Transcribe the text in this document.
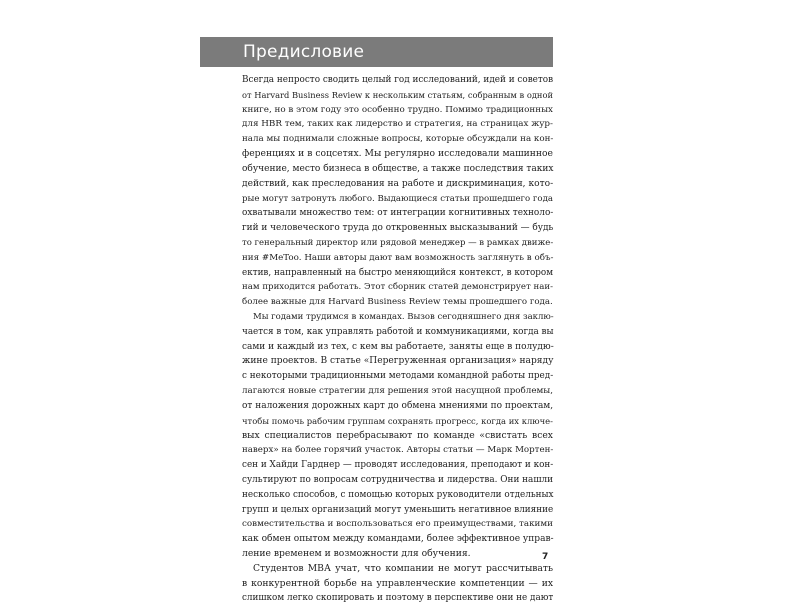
Предисловие
Всегда непросто сводить целый год исследований, идей и советов
от Harvard Business Review к нескольким статьям, собранным в одной
книге, но в этом году это особенно трудно. Помимо традиционных
для HBR тем, таких как лидерство и стратегия, на страницах жур-
нала мы поднимали сложные вопросы, которые обсуждали на кон-
ференциях и в соцсетях. Мы регулярно исследовали машинное
обучение, место бизнеса в обществе, а также последствия таких
действий, как преследования на работе и дискриминация, кото-
рые могут затронуть любого. Выдающиеся статьи прошедшего года
охватывали множество тем: от интеграции когнитивных техноло-
гий и человеческого труда до откровенных высказываний — будь
то генеральный директор или рядовой менеджер — в рамках движе-
ния #MeToo. Наши авторы дают вам возможность заглянуть в объ-
ектив, направленный на быстро меняющийся контекст, в котором
нам приходится работать. Этот сборник статей демонстрирует наи-
более важные для Harvard Business Review темы прошедшего года.
Мы годами трудимся в командах. Вызов сегодняшнего дня заклю-
чается в том, как управлять работой и коммуникациями, когда вы
сами и каждый из тех, с кем вы работаете, заняты еще в полудю-
жине проектов. В статье «Перегруженная организация» наряду
с некоторыми традиционными методами командной работы пред-
лагаются новые стратегии для решения этой насущной проблемы,
от наложения дорожных карт до обмена мнениями по проектам,
чтобы помочь рабочим группам сохранять прогресс, когда их ключе-
вых специалистов перебрасывают по команде «свистать всех
наверх» на более горячий участок. Авторы статьи — Марк Мортен-
сен и Хайди Гарднер — проводят исследования, преподают и кон-
сультируют по вопросам сотрудничества и лидерства. Они нашли
несколько способов, с помощью которых руководители отдельных
групп и целых организаций могут уменьшить негативное влияние
совместительства и воспользоваться его преимуществами, такими
как обмен опытом между командами, более эффективное управ-
ление временем и возможности для обучения.
Студентов МВА учат, что компании не могут рассчитывать
в конкурентной борьбе на управленческие компетенции — их
слишком легко скопировать и поэтому в перспективе они не дают
7
